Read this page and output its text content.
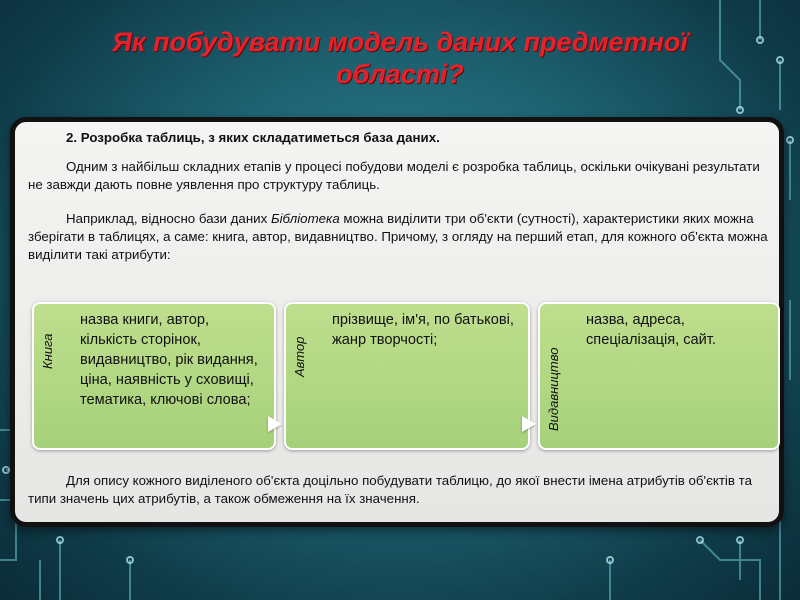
Як побудувати модель даних предметної області?

2. Розробка таблиць, з яких складатиметься база даних.

Одним з найбільш складних етапів у процесі побудови моделі є розробка таблиць, оскільки очікувані результати не завжди дають повне уявлення про структуру таблиць.

Наприклад, відносно бази даних Бібліотека можна виділити три об'єкти (сутності), характеристики яких можна зберігати в таблицях, а саме: книга, автор, видавництво. Причому, з огляду на перший етап, для кожного об'єкта можна виділити такі атрибути:

Книга
назва книги, автор, кількість сторінок, видавництво, рік видання, ціна, наявність у сховищі, тематика, ключові слова;
Автор
прізвище, ім'я, по батькові, жанр творчості;
Видавництво
назва, адреса, спеціалізація, сайт.

Для опису кожного виділеного об'єкта доцільно побудувати таблицю, до якої внести імена атрибутів об'єктів та типи значень цих атрибутів, а також обмеження на їх значення.
